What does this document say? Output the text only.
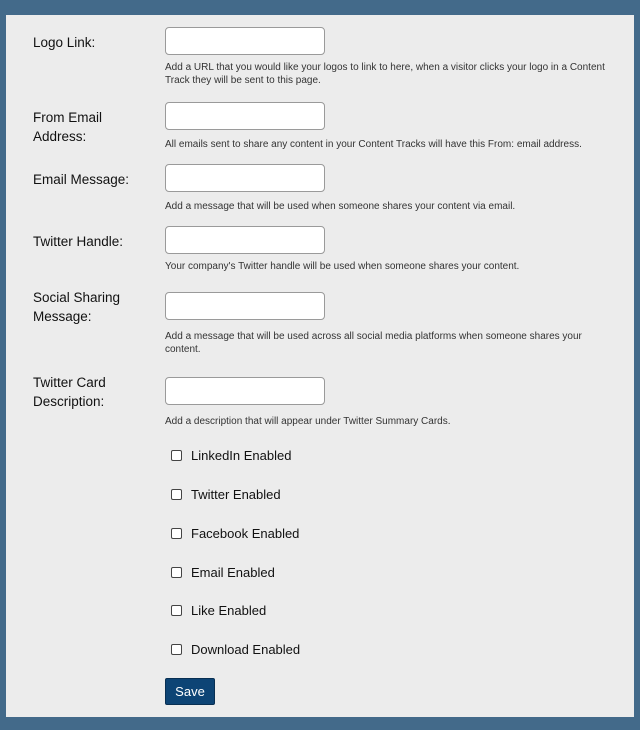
Logo Link:
Add a URL that you would like your logos to link to here, when a visitor clicks your logo in a Content Track they will be sent to this page.
From Email Address:
All emails sent to share any content in your Content Tracks will have this From: email address.
Email Message:
Add a message that will be used when someone shares your content via email.
Twitter Handle:
Your company's Twitter handle will be used when someone shares your content.
Social Sharing Message:
Add a message that will be used across all social media platforms when someone shares your content.
Twitter Card Description:
Add a description that will appear under Twitter Summary Cards.
LinkedIn Enabled
Twitter Enabled
Facebook Enabled
Email Enabled
Like Enabled
Download Enabled
Save
